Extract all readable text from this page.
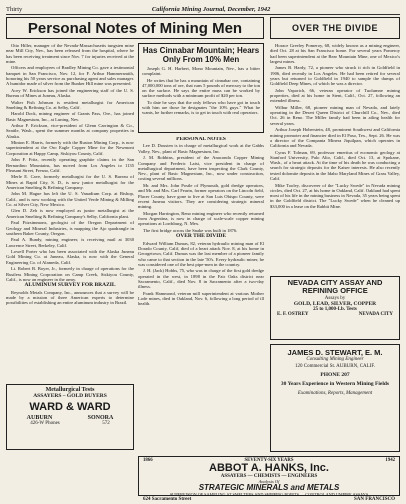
Thirty	California Mining Journal, December, 1942
Personal Notes of Mining Men	OVER THE DIVIDE

Otto Hiller, manager of the Nevada-Massachusetts tungsten mine near Mill City, Nev., has been released from the hospital, where he has been receiving treatment since Nov. 7 for injuries received at the mine.

Officers and employees of Bradley Mining Co. gave a testimonial banquet in San Francisco, Nov. 12, for F. Arthur Hammersmith, honoring his 50 years service as purchasing agent and sales manager. A humidor made of silver from the Bunker Hill mine was presented.

Acey W. Erickson has joined the engineering staff of the U. S. Bureau of Mines at Juneau, Alaska.

Walter Fish Johnson is resident metallurgist for American Smelting & Refining Co. at Selby, Calif.

Harold Dock, mining engineer of Grants Pass, Ore., has joined Basic Magnesium, Inc., at Luning, Nev.

Arthur F. Erickson, vice-president of Glenn Carrington & Co., Seattle, Wash., spent the summer months at company properties in Alaska.

Minton E. Harris, formerly with the Ruston Mining Corp., is now superintendent at the Oro Eagle Copper Mine for the Newmont Corporation at Happy Camp, Siskiyou County, Calif.

John F. Fritz, recently operating graphite claims in the San Bernardino Mountains, has moved from Los Angeles to 1135 Pleasant Street, Fresno, Calif.

Merle E. Cave, formerly metallurgist for the U. S. Bureau of Mines at Rapid City, S. D., is now junior metallurgist for the American Smelting & Refining Company.

John M. Hague has left the U. S. Vanadium Corp. at Bishop, Calif., and is now working with the United Verde Mining & Milling Co. at Silver City, New Mexico.

Glen D. Zeh is now employed as junior metallurgist at the American Smelting & Refining Company's Selby, California plant.

Paul Fitzsimmons, geologist of the Oregon Department of Geology and Mineral Industries, is mapping the Ajo quadrangle in southern Baker County, Oregon.

Paul A. Bundy, mining engineer, is receiving mail at 3030 Lawrence Street, Berkeley, Calif.

Lowell Porter who has been associated with the Alaska Juneau Gold Mining Co. at Juneau, Alaska, is now with the General Engineering Co. of Alameda, Calif.

Lt. Robert B. Boyer, Jr., formerly in charge of operations for the Rustless Mining Corporation on Camp Creek, Siskiyou County, Calif., is now an engineer in the army.

ALUMINUM SURVEY FOR BRAZIL

Reynolds Metals Company, Inc., announces that a survey will be made by a mission of three American experts to determine possibilities of establishing an entire aluminum industry in Brazil.

Has Cinnabar Mountain; Hears Only From 10% Men

Joseph G. H. Harbert, Mono Mountain, Nev., has a bitter complaint.

He writes that he has a mountain of cinnabar ore, containing 47,000,000 tons of ore, that runs 5 pounds of mercury to the ton on the surface. He says the entire mass can be worked by surface methods with a minimum profit of $20 per ton.

To date he says that the only fellows who have got in touch with him are those he designates "the 10% guys." What he wants, he further remarks, is to get in touch with real operators.

PERSONAL NOTES

Lee D. Dousten is in charge of metallurgical work at the Gabbs Valley, Nev., plant of Basic Magnesium, Inc.

J. M. Robbins, president of the Anaconda Copper Mining Company and Frederic Laist, vice president in charge of metallurgical department, have been inspecting the Clark County, Nev., plant of Basic Magnesium, Inc., now under construction, costing several millions.

Mr. and Mrs. John Postle of Plymouth, gold dredge operators, and Mr. and Mrs. Carl Fearin, former operators on the Lincoln field, Placer County, have gone to live at San Luis Obispo County, were recent Juneau visitors. They are considering strategic mineral mining.

Morgan Harrington, Reno mining engineer who recently returned from Argentina, is now in charge of scale-scale copper mining operations at Lordsburg, N. Mex.

The first bridge across the Snake was built in 1876.

OVER THE DIVIDE

Edward William Dumas, 82, veteran hydraulic mining man of El Dorado County, Calif, died of a heart attack Nov. 8, at his home in Georgetown, Calif. Dumas was the last member of a pioneer family who came to that section in the late '50's. Every hydraulic miner, he was considered one of the best pipe-men in the country.

J. H. (Jack) Hobbs, 75, who was in charge of the first gold dredge operated in the west, in 1898 in the Fair Oaks district near Sacramento, Calif., died Nov. 8 in Sacramento after a two-day illness.

Frank Hammond, veteran mill superintendent at various Mother Lode mines, died in Oakland, Nov. 6, following a long period of ill health.

Horace Greeley Pomeroy, 68, widely known as a mining engineer, died Oct. 28 at his San Francisco home. For several years Pomeroy had been superintendent at the Bear Mountain Mine, one of Mexico's largest mines.

James B. Hardy, 72, a pioneer who struck it rich in Goldfield in 1906, died recently in Los Angeles. He had been retired for several years but returned to Goldfield in 1940 to sample the dumps of Goldfield Deep Mines, of which he was a director.

John Vaporich, 66, veteran operator of Tuolumne mining properties, died at his home in Stent, Calif., Oct. 27, following an extended illness.

Wilbur Miller, 68, pioneer mining man of Nevada, and lately operating in the Desert Queen District of Churchill Co., Nev., died Oct. 26 in Reno. The Miller family had been in ailing health for several years.

Arthur Joseph Hoberstein, 48, prominent Southwest and California mining promoter and financier died in El Paso, Tex., Sept. 26. He was a director of the Compania Minera Jiquilpan, which operates in California and Nevada.

Cyrus F. Tolman, 69, professor emeritus of economic geology at Stanford University, Palo Alto, Calif., died Oct. 13, at Spokane, Wash., of a heart attack. At the time of his death he was conducting a search for strategic deposits for the Kaiser interests. He also recently tested dolomite deposits in the Idaho Maryland Mines of Grass Valley, Calif.

Mike Tooley, discoverer of the "Lucky Swede" in Nevada mining circles, died Oct. 27, at his home in Oakland, Calif. Oakland had spent most of his life in the mining business in Nevada, 35 years being spent in the Goldfield district. The "Lucky Swede" when he cleaned up $33,000 in a lease on the Rabbit Mine.

Metallurgical Tests
ASSAYERS – GOLD BUYERS
WARD & WARD
AUBURN	SONORA
426-W Phones	572
NEVADA CITY ASSAY AND REFINING OFFICE
Assays by
GOLD, LEAD, SILVER, COPPER
25 to 1,000-Lb. Tests
E. F. OSTREY	NEVADA CITY
JAMES D. STEWART, E. M.
Consulting Mining Engineer
120 Commercial St. AUBURN, CALIF.
PHONE 207
30 Years Experience in Western Mining Fields
Examinations, Reports, Management
1866	SEVENTY-SIX YEARS	1942
ABBOT A. HANKS, Inc.
ASSAYERS — CHEMISTS — ENGINEERS
Analysis Of
STRATEGIC MINERALS and METALS
SUPERVISION OF SAMPLING AT SMELTERS AND SHIPPING POINTS — CONTROL AND UMPIRE ASSAYS
624 Sacramento Street	SAN FRANCISCO
